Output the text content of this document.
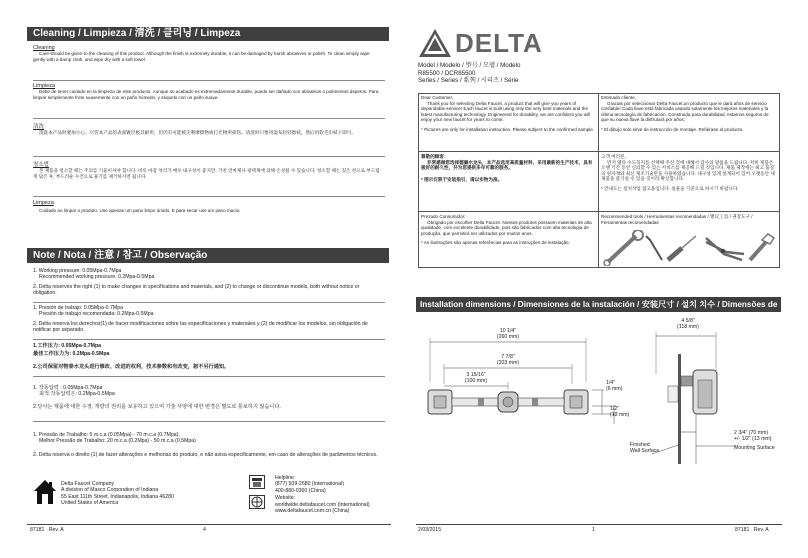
Cleaning / Limpieza / 清洗 / 클리닝 / Limpeza
Cleaning

Care should be given to the cleaning of this product. Although the finish is extremely durable, it can be damaged by harsh abrasives or polish. To clean simply wipe gently with a damp cloth, and wipe dry with a soft towel.

Limpieza

Debe de tener cuidado en la limpieza de este producto. Aunque su acabado es extremadamente durable, puede ser dañado con abrasivos o pulimentos ásperos. Para limpiar simplemente frote suavemente con un paño húmedo, y séquelo con un paño suave.

清洗

清洗本产品时要加小心。尽管本产品的表面镀层极其耐用，但仍有可能被尖利摩擦物或打光物所损伤。清洗时只要用湿布轻轻擦拭，然后用软毛巾拭干即可。

청소법

본 제품을 청소할 때는 주의를 기울이셔야 합니다. 비록 마감 처리가 매우 내구성이 좋지만, 거친 연마제나 광택제에 의해 손상될 수 있습니다. 청소할 때는 젖은 천으로 부드럽게 닦은 후, 부드러운 수건으로 물기를 제거하시면 됩니다.

Limpeza

Cuidado ao limpar o produto. Use apenas um pano limpo úmido. E para secar use um pano macio.

Note / Nota / 注意 / 참고 / Observação
1. Working pressure: 0.05Mpa-0.7Mpa
Recommended working pressure: 0.2Mpa-0.5Mpa
2. Delta reserves the right (1) to make changes in specifications and materials, and (2) to change or discontinue models, both without notice or obligation.
1. Presión de trabajo: 0.05Mpa-0.7Mpa
Presión de trabajo recomendada: 0.2Mpa-0.5Mpa
2. Delta reserva los derechos(1) de hacer modificaciones sobre las especificaciones y materiales y (2) de modificar los modelos, sin obligación de notificar por separado.
1.工作压力: 0.05Mpa-0.7Mpa
最佳工作压力为: 0.2Mpa-0.5Mpa
2.公司保留对物泰水龙头进行修改、改进的权利，技术参数和有改变，恕不另行通知。
1. 작동압력 : 0.05Mpa-0.7Mpa
최적 작동압력은: 0.2Mpa-0.5Mpa
2.당사는 제품에 대한 수정, 개량의 권리를 보유하고 있으며 기술 사양에 대한 변경은 별도로 통보하지 않습니다.
1. Pressão de Trabalho: 5 m.c.a (0.05Mpa) - 70 m.c.a (0.7Mpa),
Melhor Pressão de Trabalho: 20 m.c.a (0.2Mpa) - 50 m.c.a (0.5Mpa)
2. Delta reserva o direito (1) de fazer alterações e melhorias do produto, e não avisa especificamente, em caso de alterações de parâmetros técnicos.
Delta Faucet Company
A division of Masco Corporation of Indiana
55 East 111th Street, Indianapolis, Indiana 46280
United States of America
Helpline:
(877) 509-2680 (International)
400-880-0360 (China)
Website:
worldwide.deltafaucet.com (International)
www.deltafaucet.com.cn (China)
87181 Rev. A	4
DELTA
Model / Modelo / 型号 / 모델 / Modelo
R85500 / DCR85500
Series / Series / 系列 / 시리즈 / Série
Dear Customer,

Thank you for selecting Delta Faucet, a product that will give you years of dependable service! Each faucet is built using only the very best materials and the latest manufacturing technology. Engineered for durability, we are confident you will enjoy your new faucet for years to come.

* Pictures are only for installation instruction. Please subject to the confirmed sample.

Estimado cliente,

Gracias por seleccionar Delta Faucet,un producto que le dará años de servicio confiable! Cada llave está fabricada usando solamente los mejores materiales y la última tecnología de fabricación. Construida para durabilidad, estamos seguros de que su nueva llave la disfrutará por años.

* El dibujo solo sirve de instrucción de montaje. Refiérase al producto.

尊敬的顾客：

非常感谢您选择德廉水龙头，本产品选用高质量材料，采用最新的生产技术，具有极好的耐久性，并为您提供多年可靠的服务。

* 图示仅限于安装指引，请以实物为准。

고객 여러분,

먼저 델타 수도꼭지를 선택해 주신 것에 대해서 감사의 말씀을 드립니다. 저희 제품은 오랜 기간 동안 신뢰할 수 있는 서비스를 제공해 드릴 것입니다. 제품 제작에는 최고 품질의 원자재와 최신 제조기술만을 사용하였습니다. 내구성 있게 설계되어 있어 오랫동안 새 제품을 즐기실 수 있을 것이라 확신합니다.

* 안내도는 설치작업 참고용입니다. 실물을 기준으로 하시기 바랍니다.

Prezado Consumidor:

Obrigado por escolher Delta Faucet. Nossos produtos possuem materiais de alta qualidade, com excelente durabilidade, pois são fabricados com alta tecnologia de produção, que permitirá ser utilizados por muitos anos.

* As ilustrações são apenas referências para as instruções de instalação.

Recommended tools / Herramientas recomendadas / 建议工具 / 권장도구 / Ferramentas recomendadas
Installation dimensions / Dimensiones de la instalación / 安装尺寸 / 설치 치수 / Dimensões de instalação
10 1/4"
(260 mm)
7 7/8"
(203 mm)
3 15/16"
(100 mm)	1/4"
(6 mm)
1/2"
(13 mm)
4 5/8"
(118 mm)
2 3/4" (70 mm)
+/- 1/2" (13 mm)
Finished
Wall Surface	Mounting Surface
2/03/2015	1	87181 Rev. A
